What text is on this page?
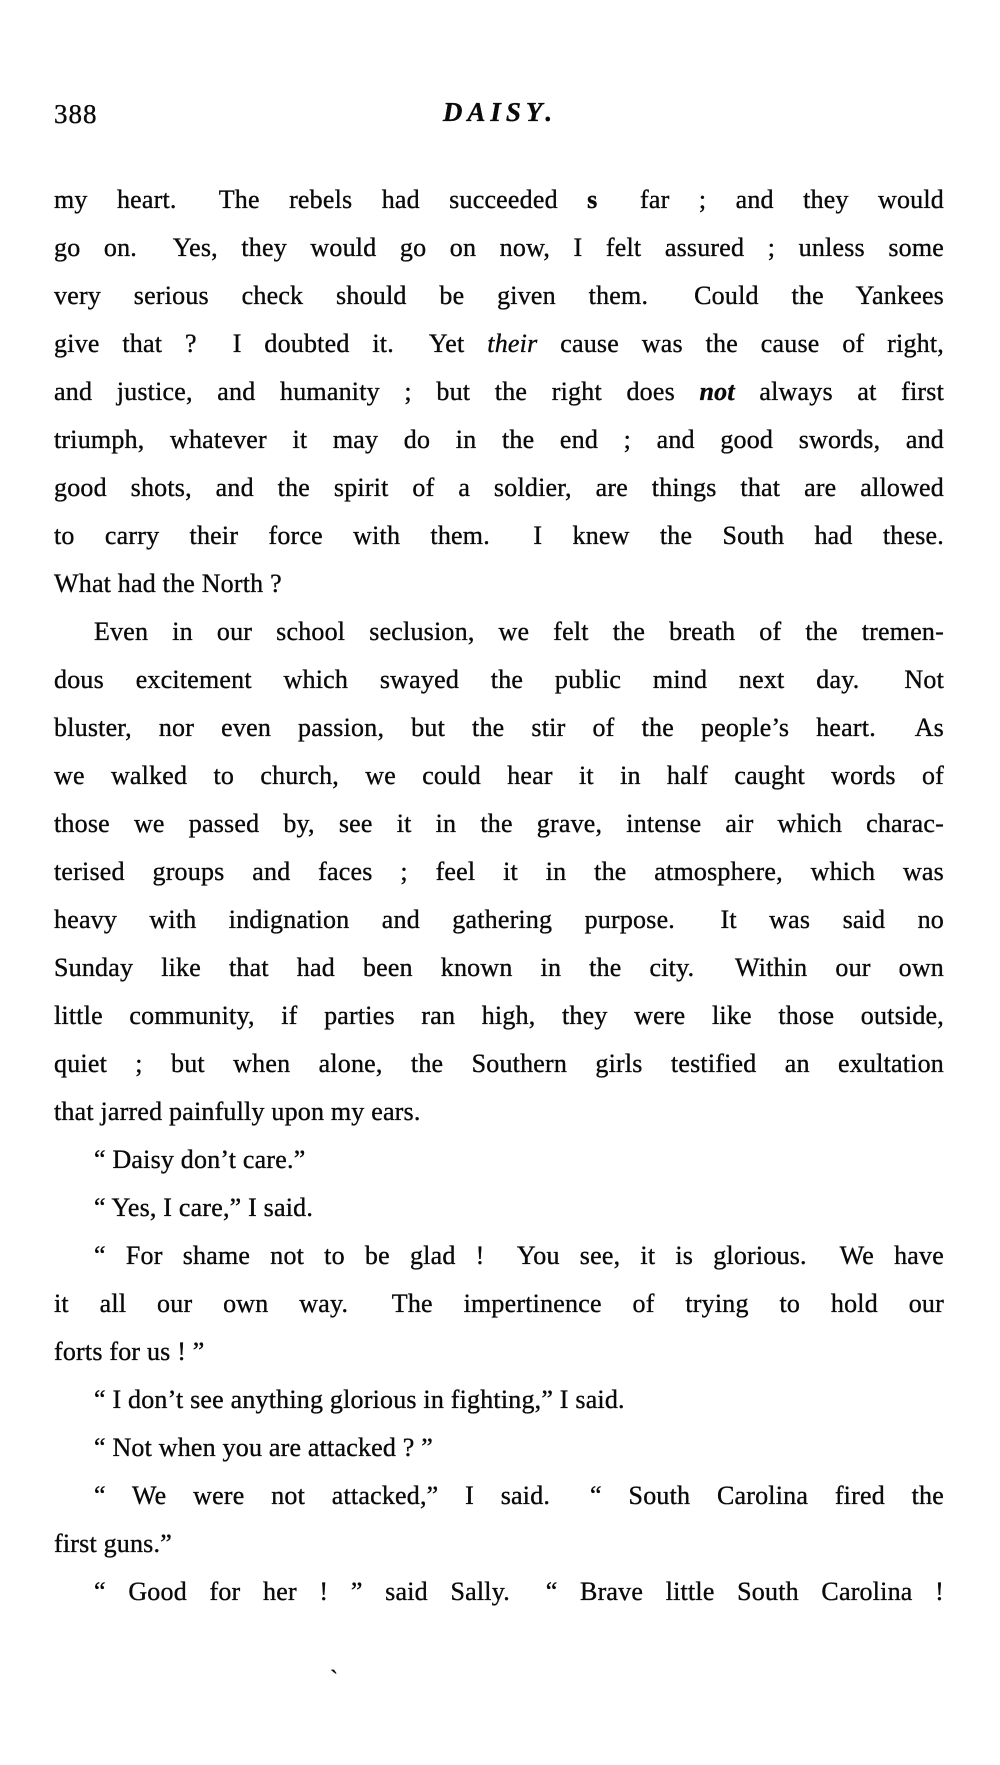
388	DAISY.
my heart.  The rebels had succeeded s  far ; and they would
go on.  Yes, they would go on now, I felt assured ; unless some
very serious check should be given them.  Could the Yankees
give that ?  I doubted it.  Yet their cause was the cause of right,
and justice, and humanity ; but the right does not always at first
triumph, whatever it may do in the end ; and good swords, and
good shots, and the spirit of a soldier, are things that are allowed
to carry their force with them.  I knew the South had these.
What had the North ?
Even in our school seclusion, we felt the breath of the tremen-
dous excitement which swayed the public mind next day.  Not
bluster, nor even passion, but the stir of the people’s heart.  As
we walked to church, we could hear it in half caught words of
those we passed by, see it in the grave, intense air which charac-
terised groups and faces ; feel it in the atmosphere, which was
heavy with indignation and gathering purpose.  It was said no
Sunday like that had been known in the city.  Within our own
little community, if parties ran high, they were like those outside,
quiet ; but when alone, the Southern girls testified an exultation
that jarred painfully upon my ears.
“ Daisy don’t care.”
“ Yes, I care,” I said.
“ For shame not to be glad !  You see, it is glorious.  We have
it all our own way.  The impertinence of trying to hold our
forts for us ! ”
“ I don’t see anything glorious in fighting,” I said.
“ Not when you are attacked ? ”
“ We were not attacked,” I said.  “ South Carolina fired the
first guns.”
“ Good for her ! ” said Sally.  “ Brave little South Carolina !
`
